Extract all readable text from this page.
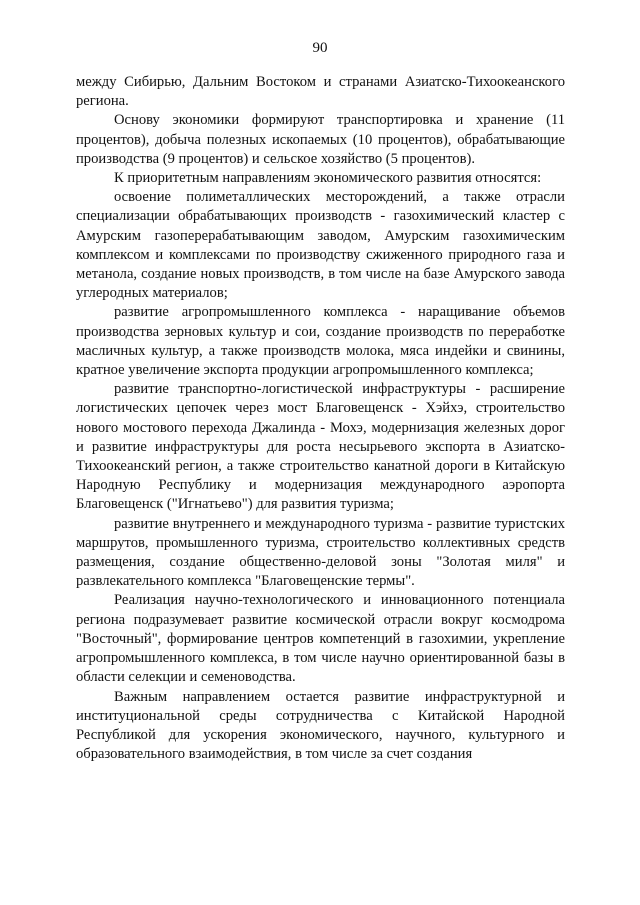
90

между Сибирью, Дальним Востоком и странами Азиатско-Тихоокеанского региона.

Основу экономики формируют транспортировка и хранение (11 процентов), добыча полезных ископаемых (10 процентов), обрабатывающие производства (9 процентов) и сельское хозяйство (5 процентов).

К приоритетным направлениям экономического развития относятся:

освоение полиметаллических месторождений, а также отрасли специализации обрабатывающих производств - газохимический кластер с Амурским газоперерабатывающим заводом, Амурским газохимическим комплексом и комплексами по производству сжиженного природного газа и метанола, создание новых производств, в том числе на базе Амурского завода углеродных материалов;

развитие агропромышленного комплекса - наращивание объемов производства зерновых культур и сои, создание производств по переработке масличных культур, а также производств молока, мяса индейки и свинины, кратное увеличение экспорта продукции агропромышленного комплекса;

развитие транспортно-логистической инфраструктуры - расширение логистических цепочек через мост Благовещенск - Хэйхэ, строительство нового мостового перехода Джалинда - Мохэ, модернизация железных дорог и развитие инфраструктуры для роста несырьевого экспорта в Азиатско-Тихоокеанский регион, а также строительство канатной дороги в Китайскую Народную Республику и модернизация международного аэропорта Благовещенск ("Игнатьево") для развития туризма;

развитие внутреннего и международного туризма - развитие туристских маршрутов, промышленного туризма, строительство коллективных средств размещения, создание общественно-деловой зоны "Золотая миля" и развлекательного комплекса "Благовещенские термы".

Реализация научно-технологического и инновационного потенциала региона подразумевает развитие космической отрасли вокруг космодрома "Восточный", формирование центров компетенций в газохимии, укрепление агропромышленного комплекса, в том числе научно ориентированной базы в области селекции и семеноводства.

Важным направлением остается развитие инфраструктурной и институциональной среды сотрудничества с Китайской Народной Республикой для ускорения экономического, научного, культурного и образовательного взаимодействия, в том числе за счет создания
